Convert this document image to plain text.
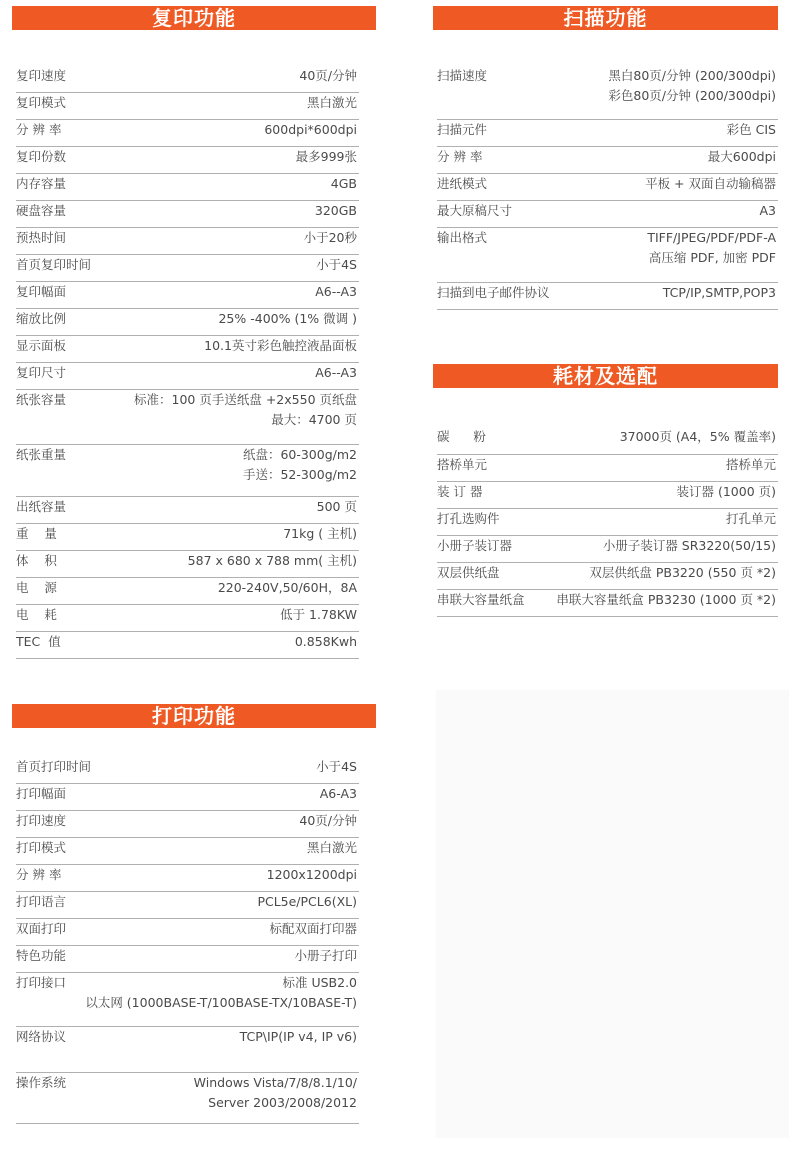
复印功能
复印速度	40页/分钟
复印模式	黑白激光
分 辨 率	600dpi*600dpi
复印份数	最多999张
内存容量	4GB
硬盘容量	320GB
预热时间	小于20秒
首页复印时间	小于4S
复印幅面	A6--A3
缩放比例	25% -400% (1% 微调 )
显示面板	10.1英寸彩色触控液晶面板
复印尺寸	A6--A3
纸张容量	标准：100 页手送纸盘 +2x550 页纸盘
最大：4700 页
纸张重量	纸盘：60-300g/m2
手送：52-300g/m2
出纸容量	500 页
重    量	71kg ( 主机)
体    积	587 x 680 x 788 mm( 主机)
电    源	220-240V,50/60H，8A
电    耗	低于 1.78KW
TEC  值	0.858Kwh
扫描功能
扫描速度	黑白80页/分钟 (200/300dpi)
彩色80页/分钟 (200/300dpi)
扫描元件	彩色 CIS
分 辨 率	最大600dpi
进纸模式	平板 + 双面自动输稿器
最大原稿尺寸	A3
输出格式	TIFF/JPEG/PDF/PDF-A
高压缩 PDF, 加密 PDF
扫描到电子邮件协议	TCP/IP,SMTP,POP3
耗材及选配
碳      粉	37000页 (A4，5% 覆盖率)
搭桥单元	搭桥单元
装 订 器	装订器 (1000 页)
打孔选购件	打孔单元
小册子装订器	小册子装订器 SR3220(50/15)
双层供纸盘	双层供纸盘 PB3220 (550 页 *2)
串联大容量纸盒	串联大容量纸盒 PB3230 (1000 页 *2)
打印功能
首页打印时间	小于4S
打印幅面	A6-A3
打印速度	40页/分钟
打印模式	黑白激光
分 辨 率	1200x1200dpi
打印语言	PCL5e/PCL6(XL)
双面打印	标配双面打印器
特色功能	小册子打印
打印接口	标准 USB2.0
以太网 (1000BASE-T/100BASE-TX/10BASE-T)
网络协议	TCP\IP(IP v4, IP v6)
操作系统	Windows Vista/7/8/8.1/10/
Server 2003/2008/2012
